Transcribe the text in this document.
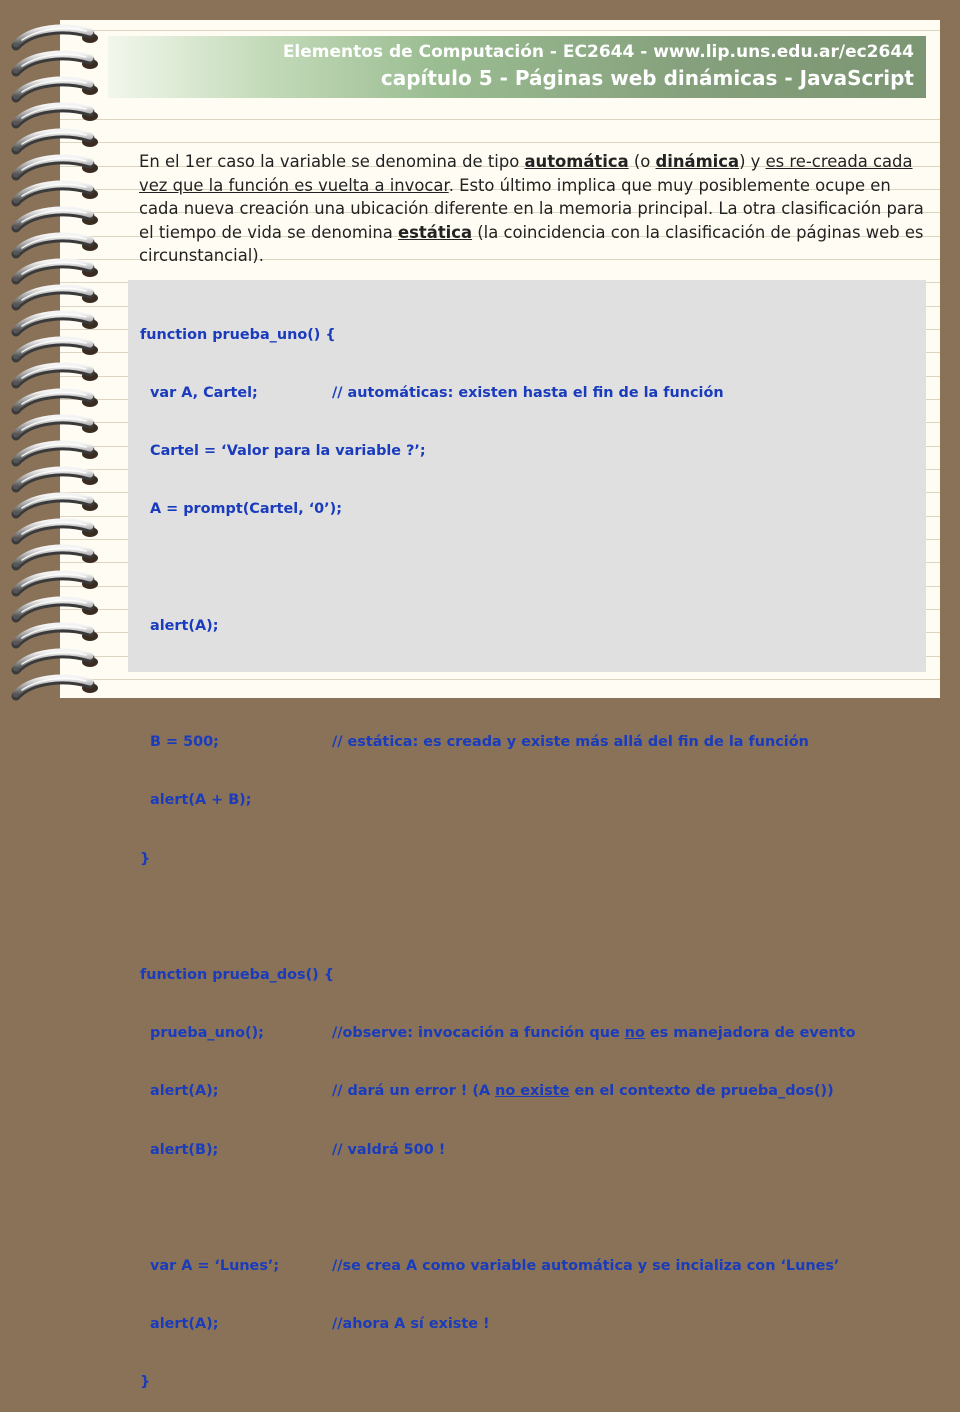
Elementos de Computación - EC2644 - www.lip.uns.edu.ar/ec2644
capítulo 5 - Páginas web dinámicas - JavaScript
En el 1er caso la variable se denomina de tipo automática (o dinámica) y es re-creada cada vez que la función es vuelta a invocar. Esto último implica que muy posiblemente ocupe en cada nueva creación una ubicación diferente en la memoria principal. La otra clasificación para el tiempo de vida se denomina estática (la coincidencia con la clasificación de páginas web es circunstancial).

function prueba_uno() {

var A, Cartel;	// automáticas: existen hasta el fin de la función

Cartel = ‘Valor para la variable ?’;

A = prompt(Cartel, ‘0’);

alert(A);

B = 500;	// estática: es creada y existe más allá del fin de la función

alert(A + B);

}

function prueba_dos() {

prueba_uno();	//observe: invocación a función que no es manejadora de evento

alert(A);	// dará un error ! (A no existe en el contexto de prueba_dos())

alert(B);	// valdrá 500 !

var A = ‘Lunes’;	//se crea A como variable automática y se incializa con ‘Lunes’

alert(A);	//ahora A sí existe !

}
